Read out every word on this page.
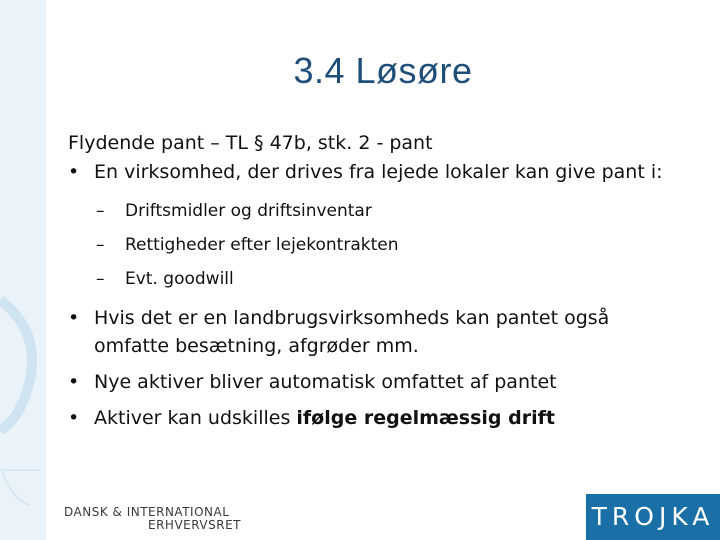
3.4 Løsøre
Flydende pant – TL § 47b, stk. 2 - pant
• En virksomhed, der drives fra lejede lokaler kan give pant i:
– Driftsmidler og driftsinventar
– Rettigheder efter lejekontrakten
– Evt. goodwill
• Hvis det er en landbrugsvirksomheds kan pantet også omfatte besætning, afgrøder mm.
• Nye aktiver bliver automatisk omfattet af pantet
• Aktiver kan udskilles ifølge regelmæssig drift
DANSK & INTERNATIONAL
ERHVERVSRET	TROJKA
